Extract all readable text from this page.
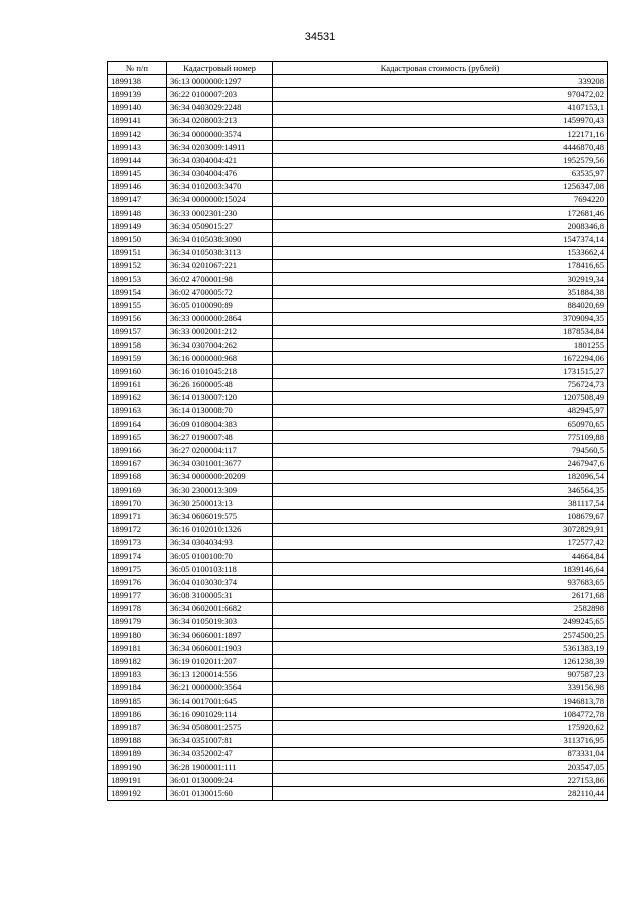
34531
№ п/п	Кадастровый номер	Кадастровая стоимость (рублей)
1899138	36:13 0000000:1297	339208
1899139	36:22 0100007:203	970472,02
1899140	36:34 0403029:2248	4107153,1
1899141	36:34 0208003:213	1459970,43
1899142	36:34 0000000:3574	122171,16
1899143	36:34 0203009:14911	4446870,48
1899144	36:34 0304004:421	1952579,56
1899145	36:34 0304004:476	63535,97
1899146	36:34 0102003:3470	1256347,08
1899147	36:34 0000000:15024	7694220
1899148	36:33 0002301:230	172681,46
1899149	36:34 0509015:27	2008346,8
1899150	36:34 0105038:3090	1547374,14
1899151	36:34 0105038:3113	1533662,4
1899152	36:34 0201067:221	178416,65
1899153	36:02 4700001:98	302919,34
1899154	36:02 4700005:72	351884,38
1899155	36:05 0100090:89	884020,69
1899156	36:33 0000000:2864	3709094,35
1899157	36:33 0002001:212	1878534,84
1899158	36:34 0307004:262	1801255
1899159	36:16 0000000:968	1672294,06
1899160	36:16 0101045:218	1731515,27
1899161	36:26 1600005:48	756724,73
1899162	36:14 0130007:120	1207508,49
1899163	36:14 0130008:70	482945,97
1899164	36:09 0108004:383	650970,65
1899165	36:27 0190007:48	775109,88
1899166	36:27 0200004:117	794560,5
1899167	36:34 0301001:3677	2467947,6
1899168	36:34 0000000:20209	182096,54
1899169	36:30 2300013:309	346564,35
1899170	36:30 2500013:13	381117,54
1899171	36:34 0606019:575	108679,67
1899172	36:16 0102010:1326	3072829,91
1899173	36:34 0304034:93	172577,42
1899174	36:05 0100100:70	44664,84
1899175	36:05 0100103:118	1839146,64
1899176	36:04 0103030:374	937683,65
1899177	36:08 3100005:31	26171,68
1899178	36:34 0602001:6682	2582898
1899179	36:34 0105019:303	2499245,65
1899180	36:34 0606001:1897	2574500,25
1899181	36:34 0606001:1903	5361383,19
1899182	36:19 0102011:207	1261238,39
1899183	36:13 1200014:556	907587,23
1899184	36:21 0000000:3564	339156,98
1899185	36:14 0017001:645	1946813,78
1899186	36:16 0901029:114	1084772,78
1899187	36:34 0508001:2575	175920,62
1899188	36:34 0351007:81	3113716,95
1899189	36:34 0352002:47	873331,04
1899190	36:28 1900001:111	203547,05
1899191	36:01 0130009:24	227153,86
1899192	36:01 0130015:60	282110,44
